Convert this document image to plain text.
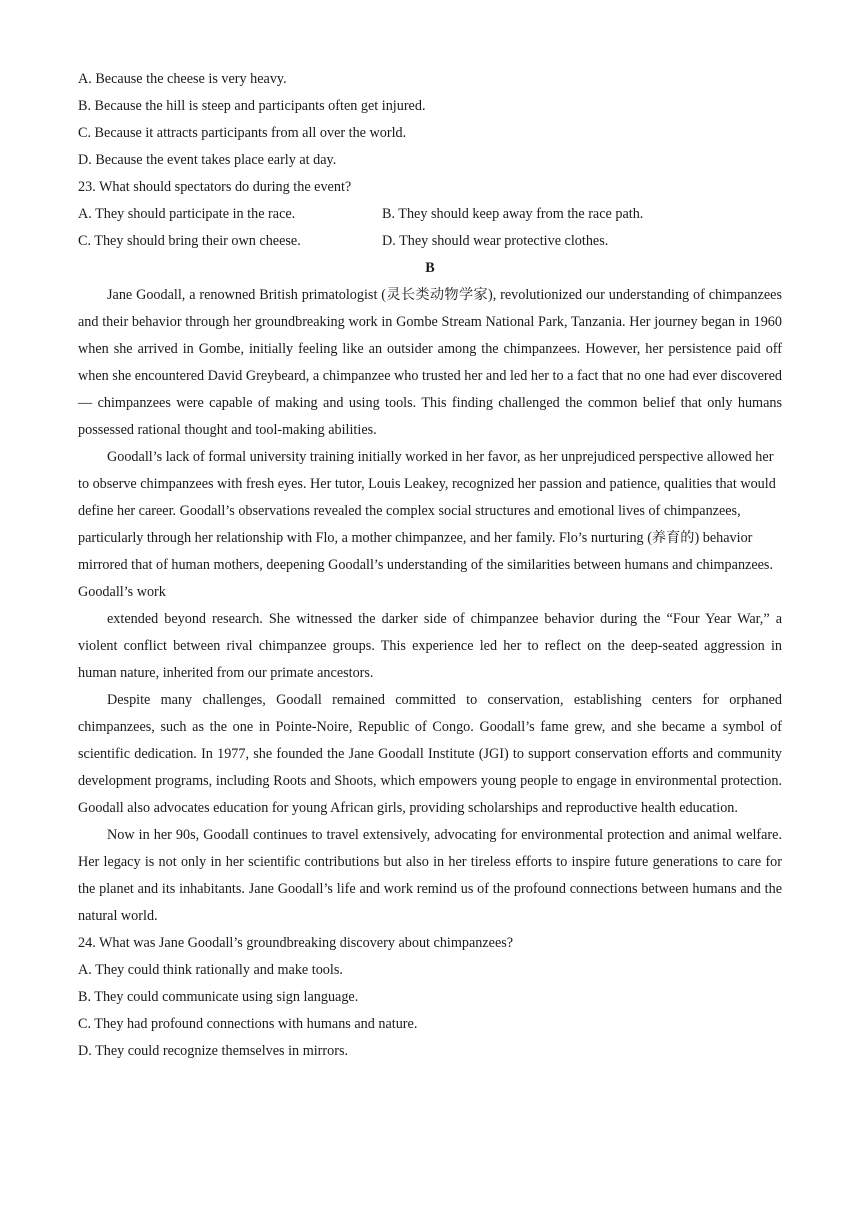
A. Because the cheese is very heavy.
B. Because the hill is steep and participants often get injured.
C. Because it attracts participants from all over the world.
D. Because the event takes place early at day.
23. What should spectators do during the event?
A. They should participate in the race.	B. They should keep away from the race path.
C. They should bring their own cheese.	D. They should wear protective clothes.
B

Jane Goodall, a renowned British primatologist (灵长类动物学家), revolutionized our understanding of chimpanzees and their behavior through her groundbreaking work in Gombe Stream National Park, Tanzania. Her journey began in 1960 when she arrived in Gombe, initially feeling like an outsider among the chimpanzees. However, her persistence paid off when she encountered David Greybeard, a chimpanzee who trusted her and led her to a fact that no one had ever discovered— chimpanzees were capable of making and using tools. This finding challenged the common belief that only humans possessed rational thought and tool-making abilities.

Goodall’s lack of formal university training initially worked in her favor, as her unprejudiced perspective allowed her to observe chimpanzees with fresh eyes. Her tutor, Louis Leakey, recognized her passion and patience, qualities that would define her career. Goodall’s observations revealed the complex social structures and emotional lives of chimpanzees, particularly through her relationship with Flo, a mother chimpanzee, and her family. Flo’s nurturing (养育的) behavior mirrored that of human mothers, deepening Goodall’s understanding of the similarities between humans and chimpanzees. Goodall’s work

extended beyond research. She witnessed the darker side of chimpanzee behavior during the “Four Year War,” a violent conflict between rival chimpanzee groups. This experience led her to reflect on the deep-seated aggression in human nature, inherited from our primate ancestors.

Despite many challenges, Goodall remained committed to conservation, establishing centers for orphaned chimpanzees, such as the one in Pointe-Noire, Republic of Congo. Goodall’s fame grew, and she became a symbol of scientific dedication. In 1977, she founded the Jane Goodall Institute (JGI) to support conservation efforts and community development programs, including Roots and Shoots, which empowers young people to engage in environmental protection. Goodall also advocates education for young African girls, providing scholarships and reproductive health education.

Now in her 90s, Goodall continues to travel extensively, advocating for environmental protection and animal welfare. Her legacy is not only in her scientific contributions but also in her tireless efforts to inspire future generations to care for the planet and its inhabitants. Jane Goodall’s life and work remind us of the profound connections between humans and the natural world.

24. What was Jane Goodall’s groundbreaking discovery about chimpanzees?
A. They could think rationally and make tools.
B. They could communicate using sign language.
C. They had profound connections with humans and nature.
D. They could recognize themselves in mirrors.
